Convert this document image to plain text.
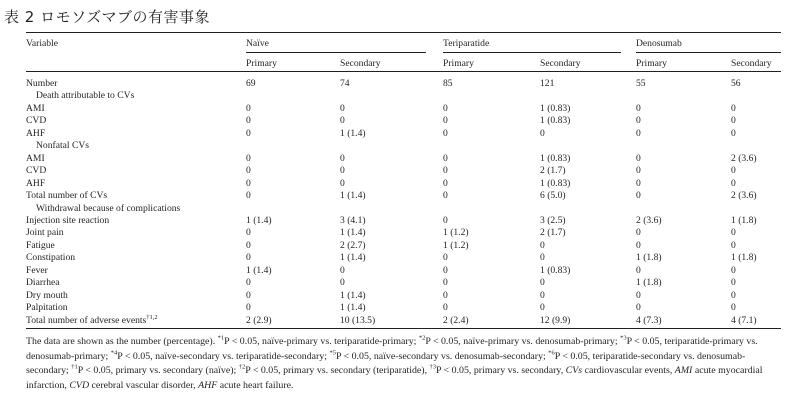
表 2 ロモソズマブの有害事象
Variable	Naïve	Teriparatide	Denosumab
Primary	Secondary	Primary	Secondary	Primary	Secondary
Number	69	74	85	121	55	56
Death attributable to CVs
AMI	0	0	0	1 (0.83)	0	0
CVD	0	0	0	1 (0.83)	0	0
AHF	0	1 (1.4)	0	0	0	0
Nonfatal CVs
AMI	0	0	0	1 (0.83)	0	2 (3.6)
CVD	0	0	0	2 (1.7)	0	0
AHF	0	0	0	1 (0.83)	0	0
Total number of CVs	0	1 (1.4)	0	6 (5.0)	0	2 (3.6)
Withdrawal because of complications
Injection site reaction	1 (1.4)	3 (4.1)	0	3 (2.5)	2 (3.6)	1 (1.8)
Joint pain	0	1 (1.4)	1 (1.2)	2 (1.7)	0	0
Fatigue	0	2 (2.7)	1 (1.2)	0	0	0
Constipation	0	1 (1.4)	0	0	1 (1.8)	1 (1.8)
Fever	1 (1.4)	0	0	1 (0.83)	0	0
Diarrhea	0	0	0	0	1 (1.8)	0
Dry mouth	0	1 (1.4)	0	0	0	0
Palpitation	0	1 (1.4)	0	0	0	0
Total number of adverse events$^{\dagger 1,2}$	2 (2.9)	10 (13.5)	2 (2.4)	12 (9.9)	4 (7.3)	4 (7.1)
The data are shown as the number (percentage). $^{*1}$P < 0.05, naïve-primary vs. teriparatide-primary; $^{*2}$P < 0.05, naïve-primary vs. denosumab-primary; $^{*3}$P < 0.05, teriparatide-primary vs. denosumab-primary; $^{*4}$P < 0.05, naïve-secondary vs. teriparatide-secondary; $^{*5}$P < 0.05, naïve-secondary vs. denosumab-secondary; $^{*6}$P < 0.05, teriparatide-secondary vs. denosumab-secondary; $^{\dagger 1}$P < 0.05, primary vs. secondary (naïve); $^{\dagger 2}$P < 0.05, primary vs. secondary (teriparatide), $^{\dagger 3}$P < 0.05, primary vs. secondary, CVs cardiovascular events, AMI acute myocardial infarction, CVD cerebral vascular disorder, AHF acute heart failure.
